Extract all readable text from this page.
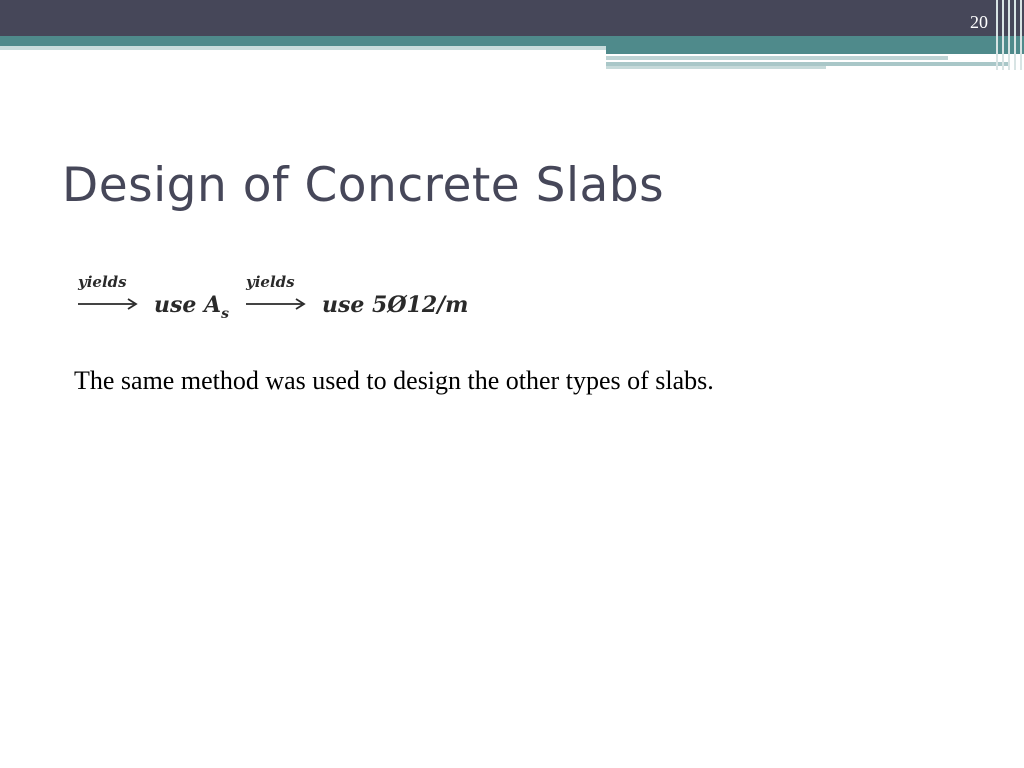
20
Design of Concrete Slabs
yields
use $A_s$
yields
use 5Ø12/m

The same method was used to design the other types of slabs.
